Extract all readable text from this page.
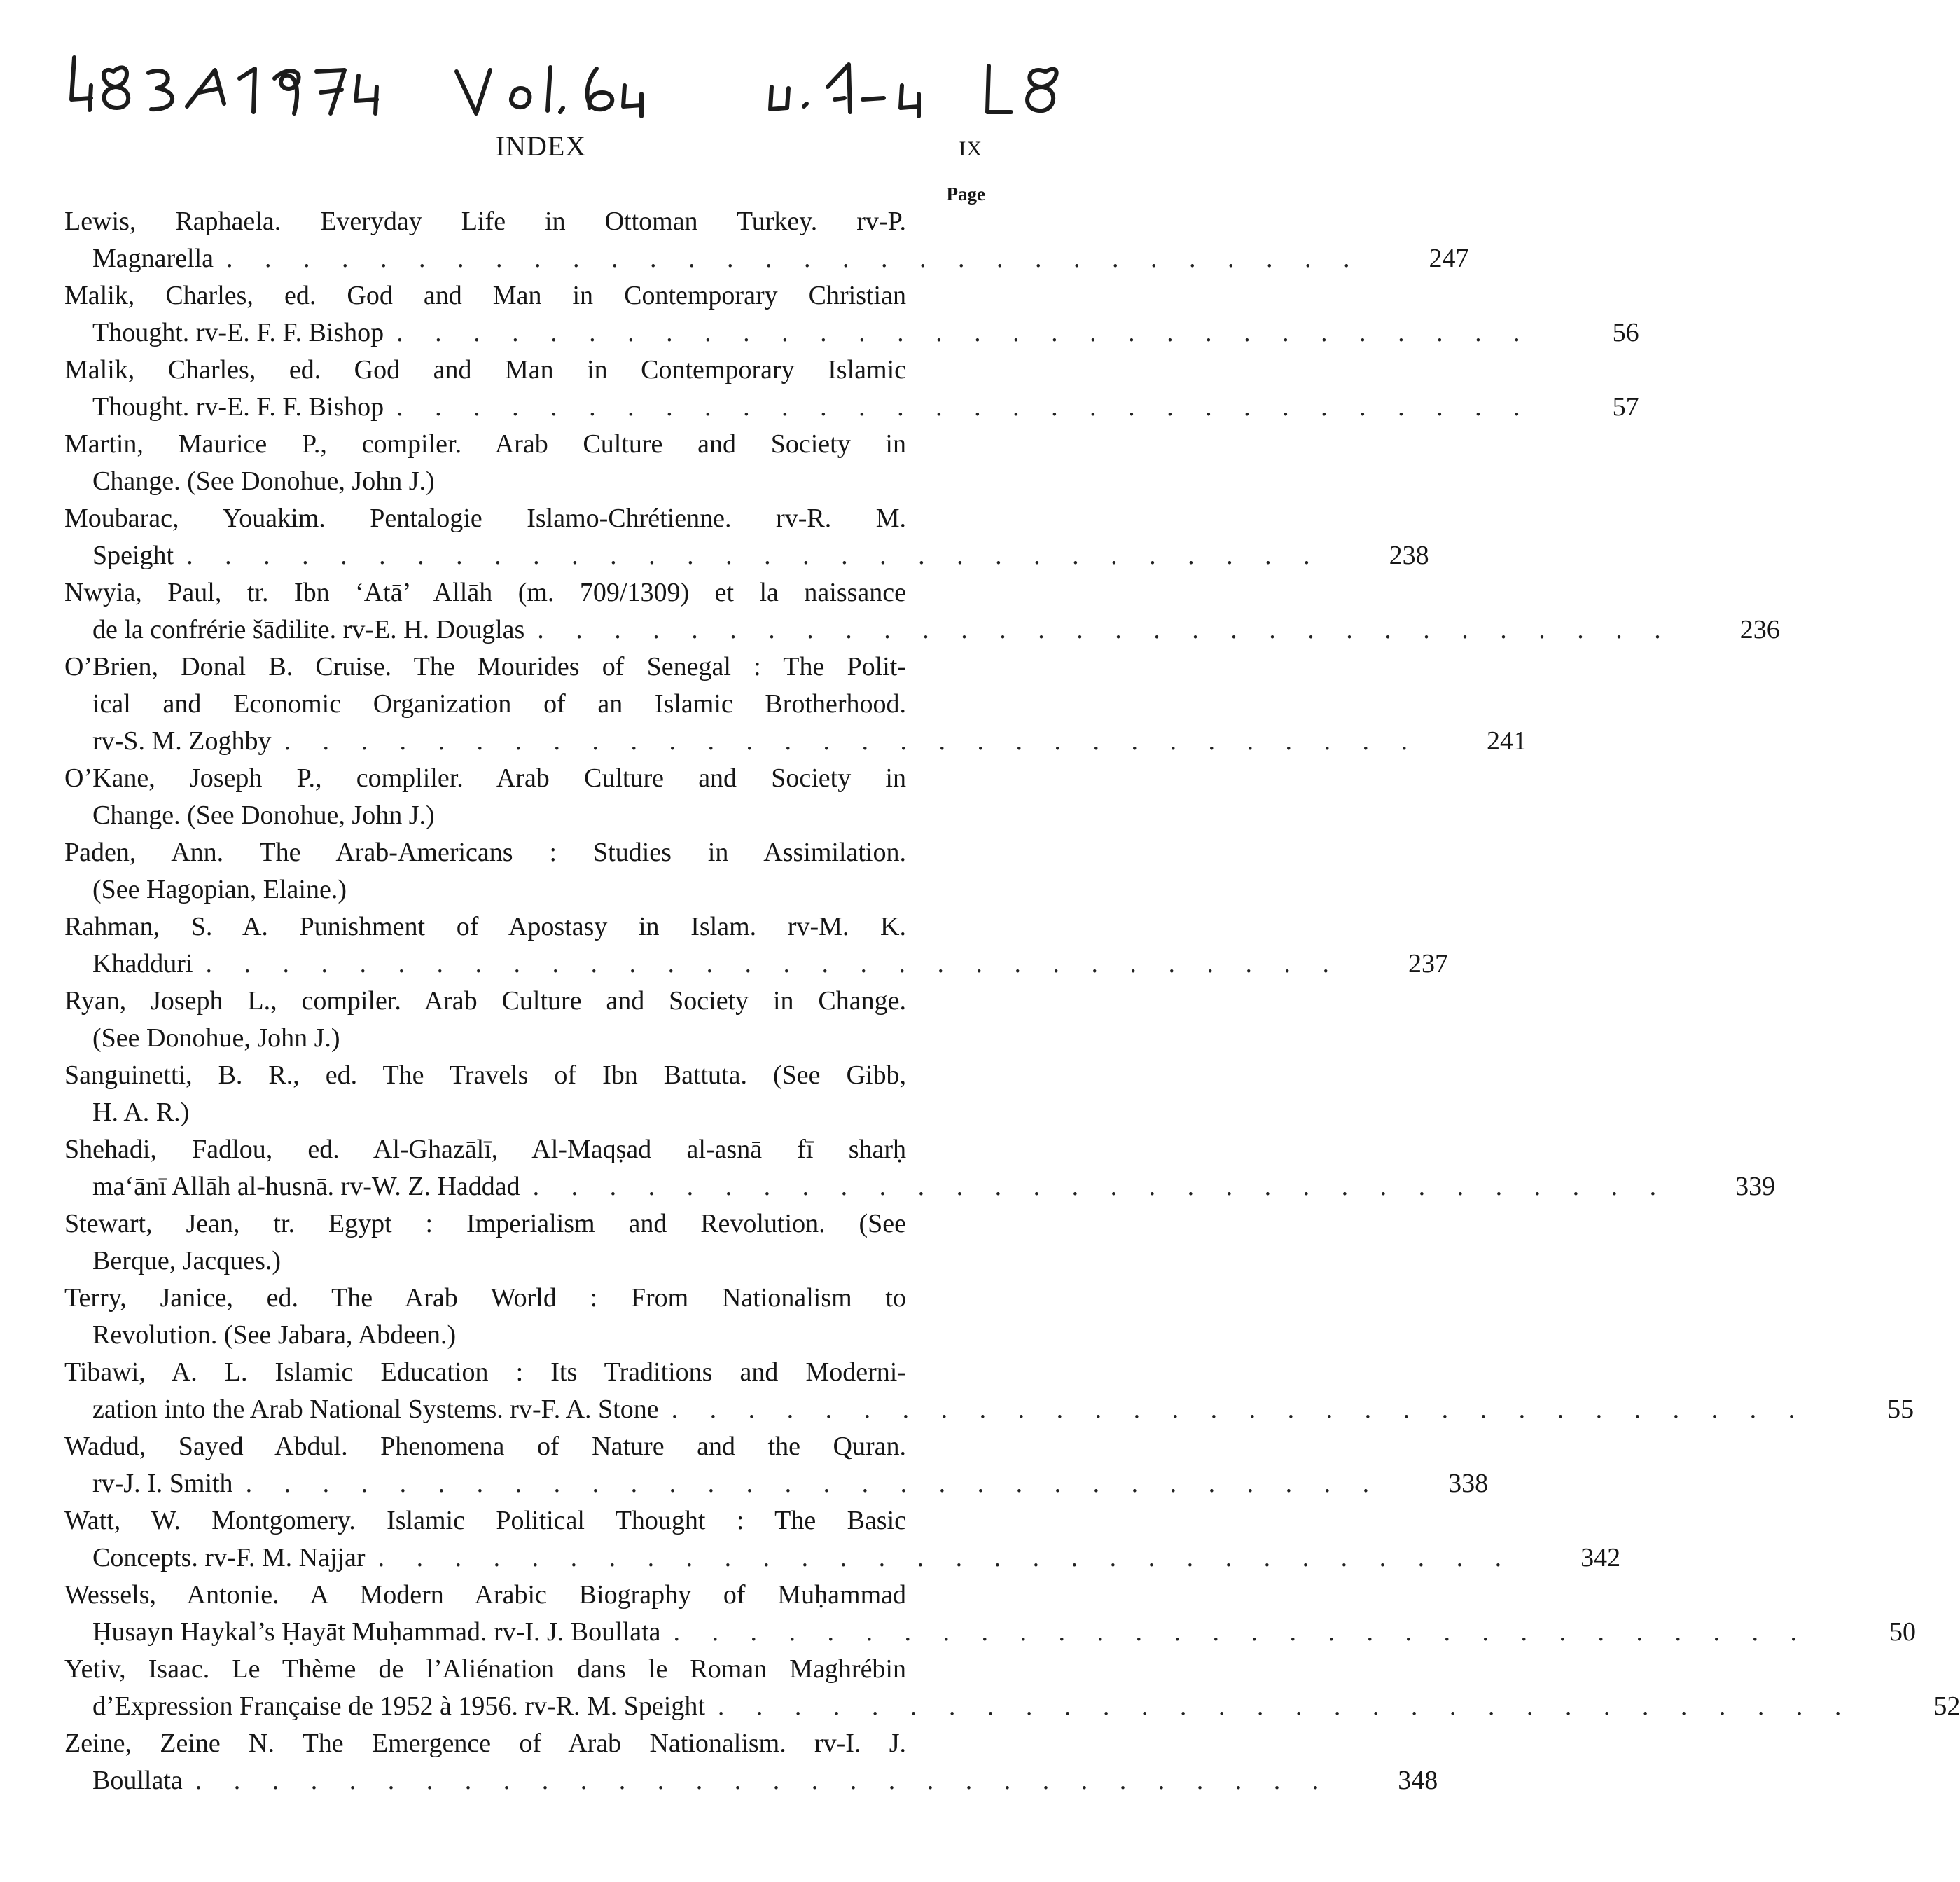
INDEX	IX
Page
Lewis, Raphaela. Everyday Life in Ottoman Turkey. rv-P.
Magnarella . . . . . . . . . . . . . . . . . . . . . . . . . . . . . .	247
Malik, Charles, ed. God and Man in Contemporary Christian
Thought. rv-E. F. F. Bishop . . . . . . . . . . . . . . . . . . . . . . . . . . . . . .	56
Malik, Charles, ed. God and Man in Contemporary Islamic
Thought. rv-E. F. F. Bishop . . . . . . . . . . . . . . . . . . . . . . . . . . . . . .	57
Martin, Maurice P., compiler. Arab Culture and Society in
Change. (See Donohue, John J.)
Moubarac, Youakim. Pentalogie Islamo-Chrétienne. rv-R. M.
Speight . . . . . . . . . . . . . . . . . . . . . . . . . . . . . .	238
Nwyia, Paul, tr. Ibn ‘Atā’ Allāh (m. 709/1309) et la naissance
de la confrérie šādilite. rv-E. H. Douglas . . . . . . . . . . . . . . . . . . . . . . . . . . . . . .	236
O’Brien, Donal B. Cruise. The Mourides of Senegal : The Polit-
ical and Economic Organization of an Islamic Brotherhood.
rv-S. M. Zoghby . . . . . . . . . . . . . . . . . . . . . . . . . . . . . .	241
O’Kane, Joseph P., compliler. Arab Culture and Society in
Change. (See Donohue, John J.)
Paden, Ann. The Arab-Americans : Studies in Assimilation.
(See Hagopian, Elaine.)
Rahman, S. A. Punishment of Apostasy in Islam. rv-M. K.
Khadduri . . . . . . . . . . . . . . . . . . . . . . . . . . . . . .	237
Ryan, Joseph L., compiler. Arab Culture and Society in Change.
(See Donohue, John J.)
Sanguinetti, B. R., ed. The Travels of Ibn Battuta. (See Gibb,
H. A. R.)
Shehadi, Fadlou, ed. Al-Ghazālī, Al-Maqṣad al-asnā fī sharḥ
ma‘ānī Allāh al-husnā. rv-W. Z. Haddad . . . . . . . . . . . . . . . . . . . . . . . . . . . . . .	339
Stewart, Jean, tr. Egypt : Imperialism and Revolution. (See
Berque, Jacques.)
Terry, Janice, ed. The Arab World : From Nationalism to
Revolution. (See Jabara, Abdeen.)
Tibawi, A. L. Islamic Education : Its Traditions and Moderni-
zation into the Arab National Systems. rv-F. A. Stone . . . . . . . . . . . . . . . . . . . . . . . . . . . . . .	55
Wadud, Sayed Abdul. Phenomena of Nature and the Quran.
rv-J. I. Smith . . . . . . . . . . . . . . . . . . . . . . . . . . . . . .	338
Watt, W. Montgomery. Islamic Political Thought : The Basic
Concepts. rv-F. M. Najjar . . . . . . . . . . . . . . . . . . . . . . . . . . . . . .	342
Wessels, Antonie. A Modern Arabic Biography of Muḥammad
Ḥusayn Haykal’s Ḥayāt Muḥammad. rv-I. J. Boullata . . . . . . . . . . . . . . . . . . . . . . . . . . . . . .	50
Yetiv, Isaac. Le Thème de l’Aliénation dans le Roman Maghrébin
d’Expression Française de 1952 à 1956. rv-R. M. Speight . . . . . . . . . . . . . . . . . . . . . . . . . . . . . .	52
Zeine, Zeine N. The Emergence of Arab Nationalism. rv-I. J.
Boullata . . . . . . . . . . . . . . . . . . . . . . . . . . . . . .	348
